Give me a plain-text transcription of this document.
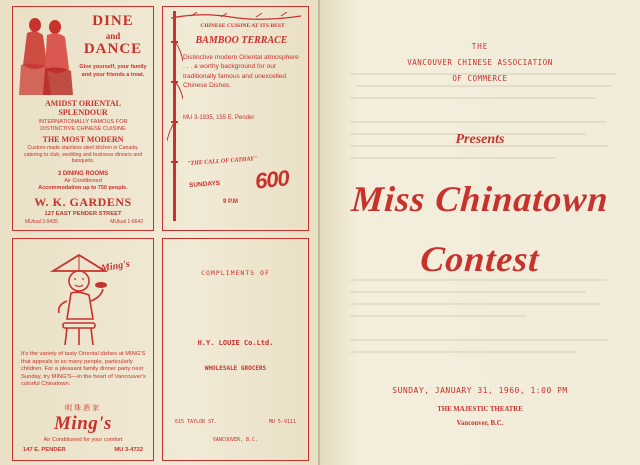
DINE
and
DANCE
Give yourself, your family and your friends a treat.
AMIDST ORIENTAL SPLENDOUR
INTERNATIONALLY FAMOUS FOR DISTINCTIVE CHINESE CUISINE
THE MOST MODERN
Custom-made stainless steel kitchen in Canada, catering to club, wedding and business dinners and banquets.
3 DINING ROOMS
Air Conditioned
Accommodation up to 750 people.
W. K. GARDENS
127 EAST PENDER STREET
MUtual 3-9435	MUtual 1-6642
CHINESE CUISINE AT ITS BEST
BAMBOO TERRACE
Distinctive modern Oriental atmosphere . . . a worthy background for our traditionally famous and unexcelled Chinese Dishes.
MU 3-1935, 155 E. Pender
"THE CALL OF CATHAY"
SUNDAYS 600
9 P.M
Ming's
It's the variety of tasty Oriental dishes at MING'S that appeals to so many people, particularly children. For a pleasant family dinner party next Sunday, try MING'S—in the heart of Vancouver's colorful Chinatown.
明珠酒家
Ming's
Air Conditioned for your comfort
147 E. PENDER	MU 3-4722
COMPLIMENTS OF
H.Y. LOUIE Co.Ltd.
WHOLESALE GROCERS
615 TAYLOR ST.	MU 5-9111
VANCOUVER, B.C.
THE
VANCOUVER CHINESE ASSOCIATION
OF COMMERCE
Presents
Miss Chinatown
Contest
SUNDAY, JANUARY 31, 1960, 1:00 PM
THE MAJESTIC THEATRE
Vancouver, B.C.
